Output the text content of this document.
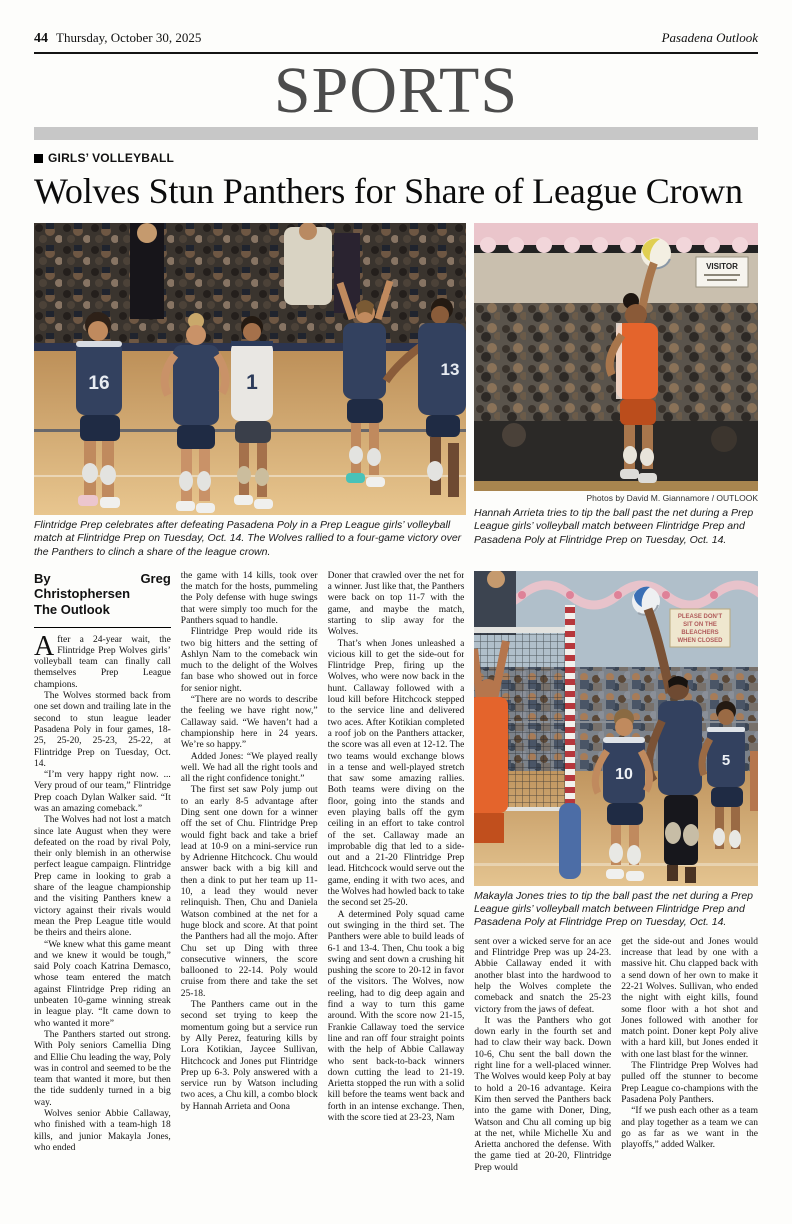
44 Thursday, October 30, 2025	Pasadena Outlook
SPORTS
GIRLS’ VOLLEYBALL
Wolves Stun Panthers for Share of League Crown
16	1
13
Flintridge Prep celebrates after defeating Pasadena Poly in a Prep League girls’ volleyball match at Flintridge Prep on Tuesday, Oct. 14. The Wolves rallied to a four-game victory over the Panthers to clinch a share of the league crown.
VISITOR
Photos by David M. Giannamore / OUTLOOK
Hannah Arrieta tries to tip the ball past the net during a Prep League girls’ volleyball match between Flintridge Prep and Pasadena Poly at Flintridge Prep on Tuesday, Oct. 14.
By Greg Christophersen
The Outlook

After a 24-year wait, the Flintridge Prep Wolves girls’ volleyball team can finally call themselves Prep League champions.

The Wolves stormed back from one set down and trailing late in the second to stun league leader Pasadena Poly in four games, 18-25, 25-20, 25-23, 25-22, at Flintridge Prep on Tuesday, Oct. 14.

“I’m very happy right now. ... Very proud of our team,” Flintridge Prep coach Dylan Walker said. “It was an amazing comeback.”

The Wolves had not lost a match since late August when they were defeated on the road by rival Poly, their only blemish in an otherwise perfect league campaign. Flintridge Prep came in looking to grab a share of the league championship and the visiting Panthers knew a victory against their rivals would mean the Prep League title would be theirs and theirs alone.

“We knew what this game meant and we knew it would be tough,” said Poly coach Katrina Demasco, whose team entered the match against Flintridge Prep riding an unbeaten 10-game winning streak in league play. “It came down to who wanted it more”

The Panthers started out strong. With Poly seniors Camellia Ding and Ellie Chu leading the way, Poly was in control and seemed to be the team that wanted it more, but then the tide suddenly turned in a big way.

Wolves senior Abbie Callaway, who finished with a team-high 18 kills, and junior Makayla Jones, who ended

the game with 14 kills, took over the match for the hosts, pummeling the Poly defense with huge swings that were simply too much for the Panthers squad to handle.

Flintridge Prep would ride its two big hitters and the setting of Ashlyn Nam to the comeback win much to the delight of the Wolves fan base who showed out in force for senior night.

“There are no words to describe the feeling we have right now,” Callaway said. “We haven’t had a championship here in 24 years. We’re so happy.”

Added Jones: “We played really well. We had all the right tools and all the right confidence tonight.”

The first set saw Poly jump out to an early 8-5 advantage after Ding sent one down for a winner off the set of Chu. Flintridge Prep would fight back and take a brief lead at 10-9 on a mini-service run by Adrienne Hitchcock. Chu would answer back with a big kill and then a dink to put her team up 11-10, a lead they would never relinquish. Then, Chu and Daniela Watson combined at the net for a huge block and score. At that point the Panthers had all the mojo. After Chu set up Ding with three consecutive winners, the score ballooned to 22-14. Poly would cruise from there and take the set 25-18.

The Panthers came out in the second set trying to keep the momentum going but a service run by Ally Perez, featuring kills by Lora Kotikian, Jaycee Sullivan, Hitchcock and Jones put Flintridge Prep up 6-3. Poly answered with a service run by Watson including two aces, a Chu kill, a combo block by Hannah Arrieta and Oona

Doner that crawled over the net for a winner. Just like that, the Panthers were back on top 11-7 with the game, and maybe the match, starting to slip away for the Wolves.

That’s when Jones unleashed a vicious kill to get the side-out for Flintridge Prep, firing up the Wolves, who were now back in the hunt. Callaway followed with a loud kill before Hitchcock stepped to the service line and delivered two aces. After Kotikian completed a roof job on the Panthers attacker, the score was all even at 12-12. The two teams would exchange blows in a tense and well-played stretch that saw some amazing rallies. Both teams were diving on the floor, going into the stands and even playing balls off the gym ceiling in an effort to take control of the set. Callaway made an improbable dig that led to a side-out and a 21-20 Flintridge Prep lead. Hitchcock would serve out the game, ending it with two aces, and the Wolves had howled back to take the second set 25-20.

A determined Poly squad came out swinging in the third set. The Panthers were able to build leads of 6-1 and 13-4. Then, Chu took a big swing and sent down a crushing hit pushing the score to 20-12 in favor of the visitors. The Wolves, now reeling, had to dig deep again and find a way to turn this game around. With the score now 21-15, Frankie Callaway toed the service line and ran off four straight points with the help of Abbie Callaway who sent back-to-back winners down cutting the lead to 21-19. Arietta stopped the run with a solid kill before the teams went back and forth in an intense exchange. Then, with the score tied at 23-23, Nam

sent over a wicked serve for an ace and Flintridge Prep was up 24-23. Abbie Callaway ended it with another blast into the hardwood to help the Wolves complete the comeback and snatch the 25-23 victory from the jaws of defeat.

It was the Panthers who got down early in the fourth set and had to claw their way back. Down 10-6, Chu sent the ball down the right line for a well-placed winner. The Wolves would keep Poly at bay to hold a 20-16 advantage. Keira Kim then served the Panthers back into the game with Doner, Ding, Watson and Chu all coming up big at the net, while Michelle Xu and Arietta anchored the defense. With the game tied at 20-20, Flintridge Prep would

get the side-out and Jones would increase that lead by one with a massive hit. Chu clapped back with a send down of her own to make it 22-21 Wolves. Sullivan, who ended the night with eight kills, found some floor with a hot shot and Jones followed with another for match point. Doner kept Poly alive with a hard kill, but Jones ended it with one last blast for the winner.

The Flintridge Prep Wolves had pulled off the stunner to become Prep League co-champions with the Pasadena Poly Panthers.

“If we push each other as a team and play together as a team we can go as far as we want in the playoffs,” added Walker.

PLEASE DON’T
SIT ON THE
BLEACHERS
WHEN CLOSED
10
5
Makayla Jones tries to tip the ball past the net during a Prep League girls’ volleyball match between Flintridge Prep and Pasadena Poly at Flintridge Prep on Tuesday, Oct. 14.
